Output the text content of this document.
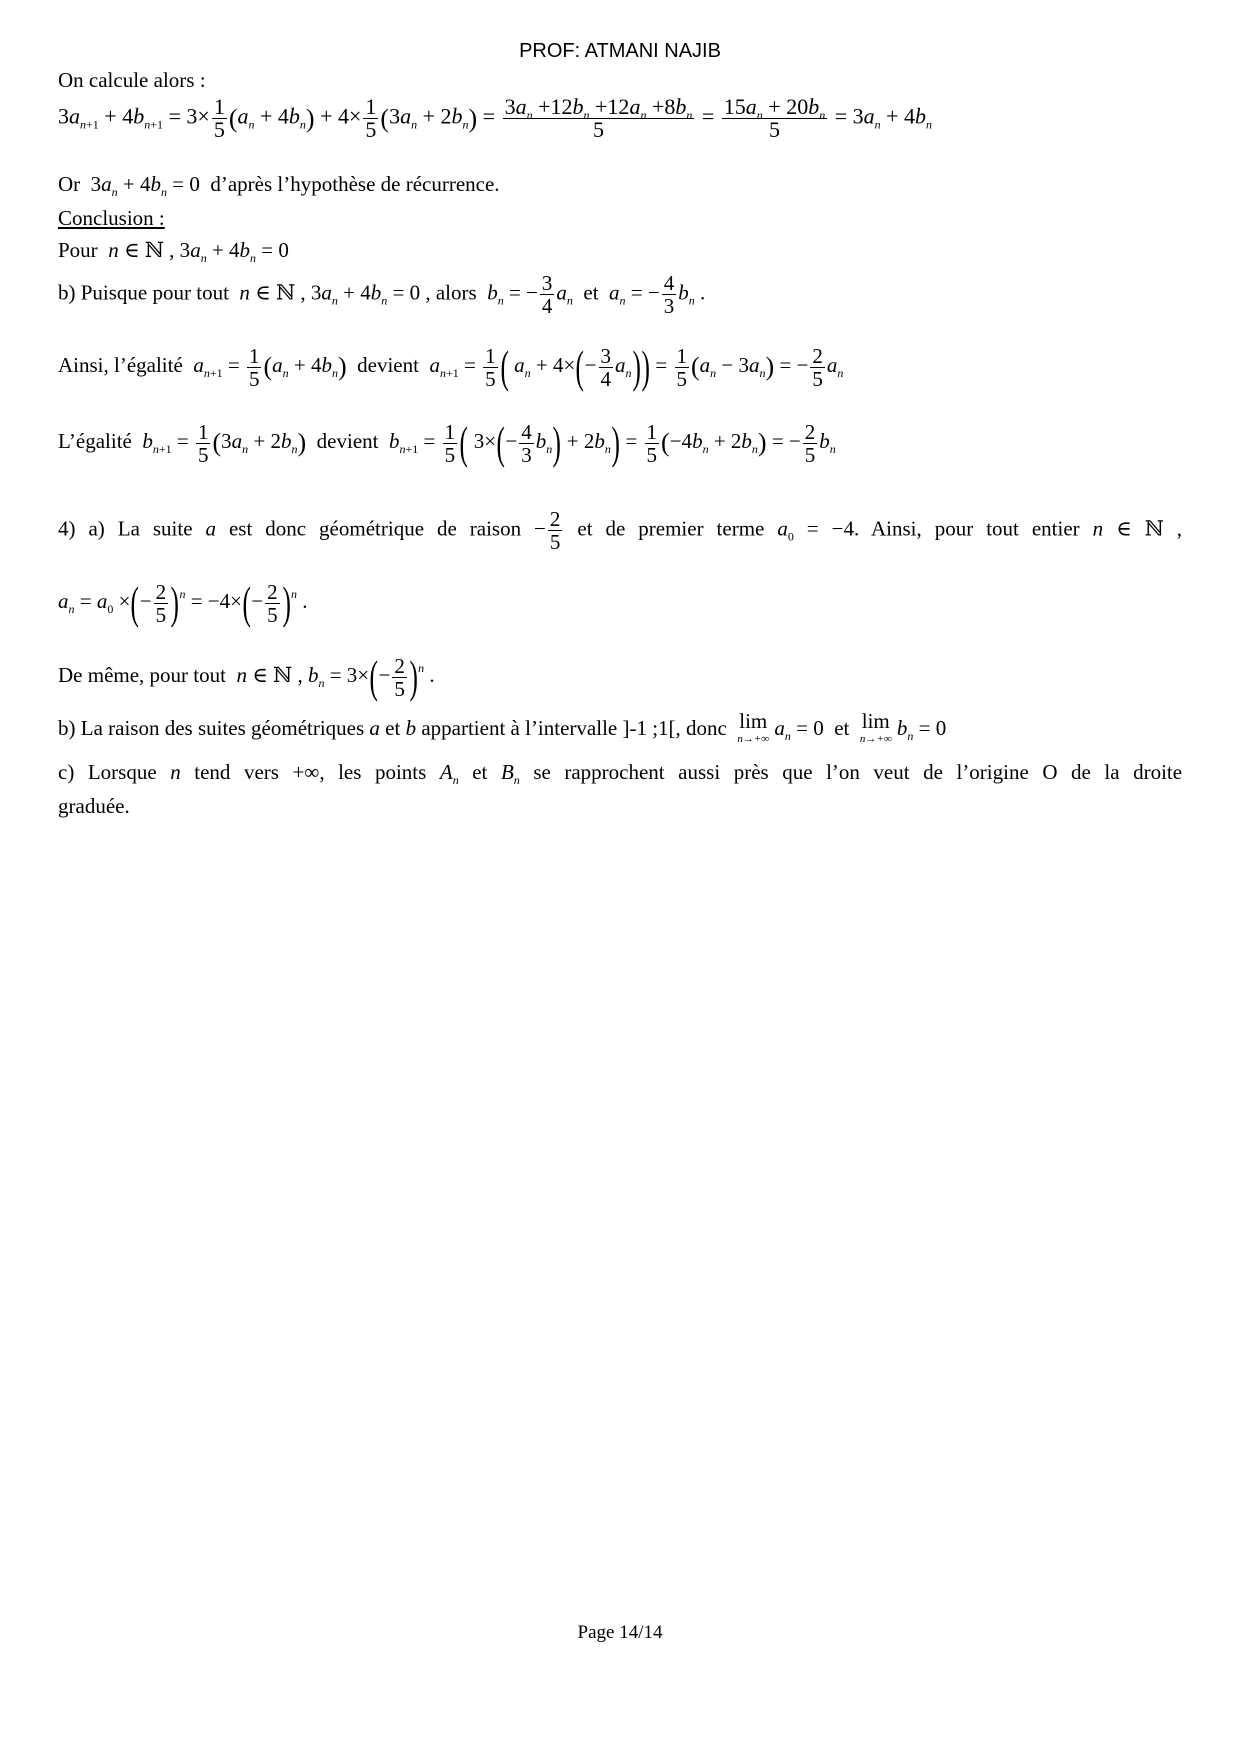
PROF: ATMANI NAJIB
On calcule alors :
$3a_{n+1} + 4b_{n+1} = 3\times \frac{1}{5} (a_n + 4b_n) + 4\times \frac{1}{5} (3a_n + 2b_n) = \frac{3a_n +12b_n +12a_n +8b_n}{5} = \frac{15a_n + 20b_n}{5} = 3a_n + 4b_n$
Or  $3a_n + 4b_n = 0$  d’après l’hypothèse de récurrence.
Conclusion :
Pour n ∈ ℕ , $3a_n + 4b_n = 0$
b) Puisque pour tout n ∈ ℕ , $3a_n + 4b_n = 0$ , alors $b_n$ = − $\frac{3}{4} a_n$ et $a_n$ = − $\frac{4}{3} b_n$ .
Ainsi, l’égalité $a_{n+1} = \frac{1}{5} (a_n + 4b_n)$ devient $a_{n+1} = \frac{1}{5}$ ( $a_n + 4\times(- \frac{3}{4} a_n)) = \frac{1}{5} (a_n - 3a_n)$ = − $\frac{2}{5} a_n$
L’égalité $b_{n+1} = \frac{1}{5} (3a_n + 2b_n)$ devient $b_{n+1} = \frac{1}{5}$ ( $3\times(- \frac{4}{3} b_n) + 2b_n) = \frac{1}{5} (-4b_n + 2b_n)$ = − $\frac{2}{5} b_n$
4) a) La suite a est donc géométrique de raison − $\frac{2}{5}$ et de premier terme $a_0 = -4$. Ainsi, pour tout entier n ∈ ℕ ,
$a_n = a_0$ ×(− $\frac{2}{5} )^n = -4\times(- \frac{2}{5} )^n$ .
De même, pour tout n ∈ ℕ , $b_n = 3\times(- \frac{2}{5} )^n$ .
b) La raison des suites géométriques a et b appartient à l’intervalle ]-1 ;1[, donc lim
n→+∞ $a_n = 0$  et lim
n→+∞ $b_n = 0$
c) Lorsque n tend vers +∞, les points $A_n$ et $B_n$ se rapprochent aussi près que l’on veut de l’origine O de la droite
graduée.
Page 14/14
